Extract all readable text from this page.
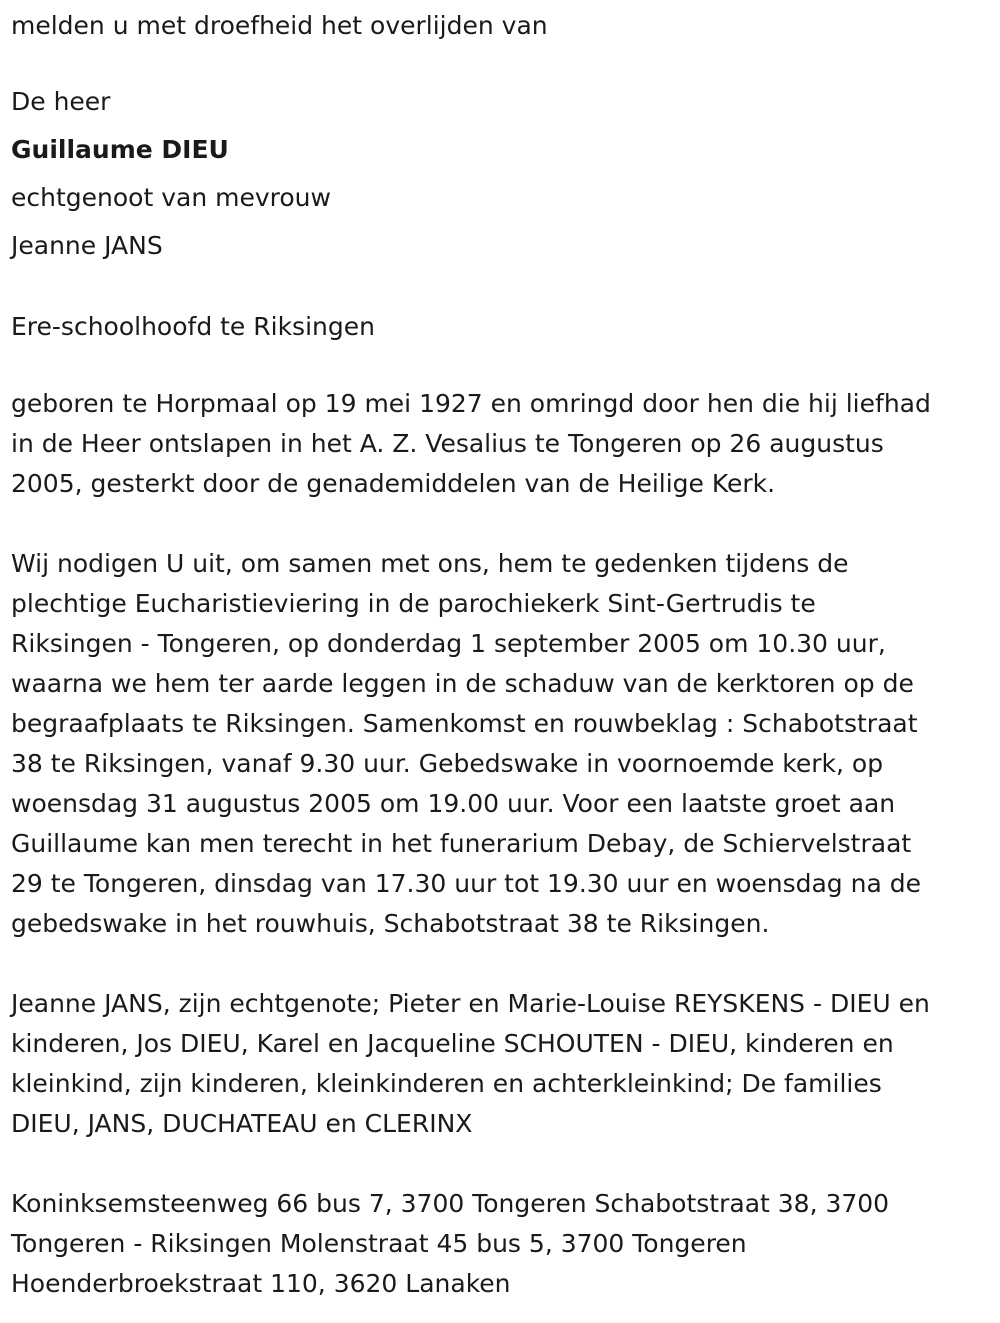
melden u met droefheid het overlijden van

De heer

Guillaume DIEU

echtgenoot van mevrouw

Jeanne JANS

Ere-schoolhoofd te Riksingen

geboren te Horpmaal op 19 mei 1927 en omringd door hen die hij liefhad
in de Heer ontslapen in het A. Z. Vesalius te Tongeren op 26 augustus
2005, gesterkt door de genademiddelen van de Heilige Kerk.
Wij nodigen U uit, om samen met ons, hem te gedenken tijdens de
plechtige Eucharistieviering in de parochiekerk Sint-Gertrudis te
Riksingen - Tongeren, op donderdag 1 september 2005 om 10.30 uur,
waarna we hem ter aarde leggen in de schaduw van de kerktoren op de
begraafplaats te Riksingen. Samenkomst en rouwbeklag : Schabotstraat
38 te Riksingen, vanaf 9.30 uur. Gebedswake in voornoemde kerk, op
woensdag 31 augustus 2005 om 19.00 uur. Voor een laatste groet aan
Guillaume kan men terecht in het funerarium Debay, de Schiervelstraat
29 te Tongeren, dinsdag van 17.30 uur tot 19.30 uur en woensdag na de
gebedswake in het rouwhuis, Schabotstraat 38 te Riksingen.
Jeanne JANS, zijn echtgenote; Pieter en Marie-Louise REYSKENS - DIEU en
kinderen, Jos DIEU, Karel en Jacqueline SCHOUTEN - DIEU, kinderen en
kleinkind, zijn kinderen, kleinkinderen en achterkleinkind; De families
DIEU, JANS, DUCHATEAU en CLERINX
Koninksemsteenweg 66 bus 7, 3700 Tongeren Schabotstraat 38, 3700
Tongeren - Riksingen Molenstraat 45 bus 5, 3700 Tongeren
Hoenderbroekstraat 110, 3620 Lanaken
